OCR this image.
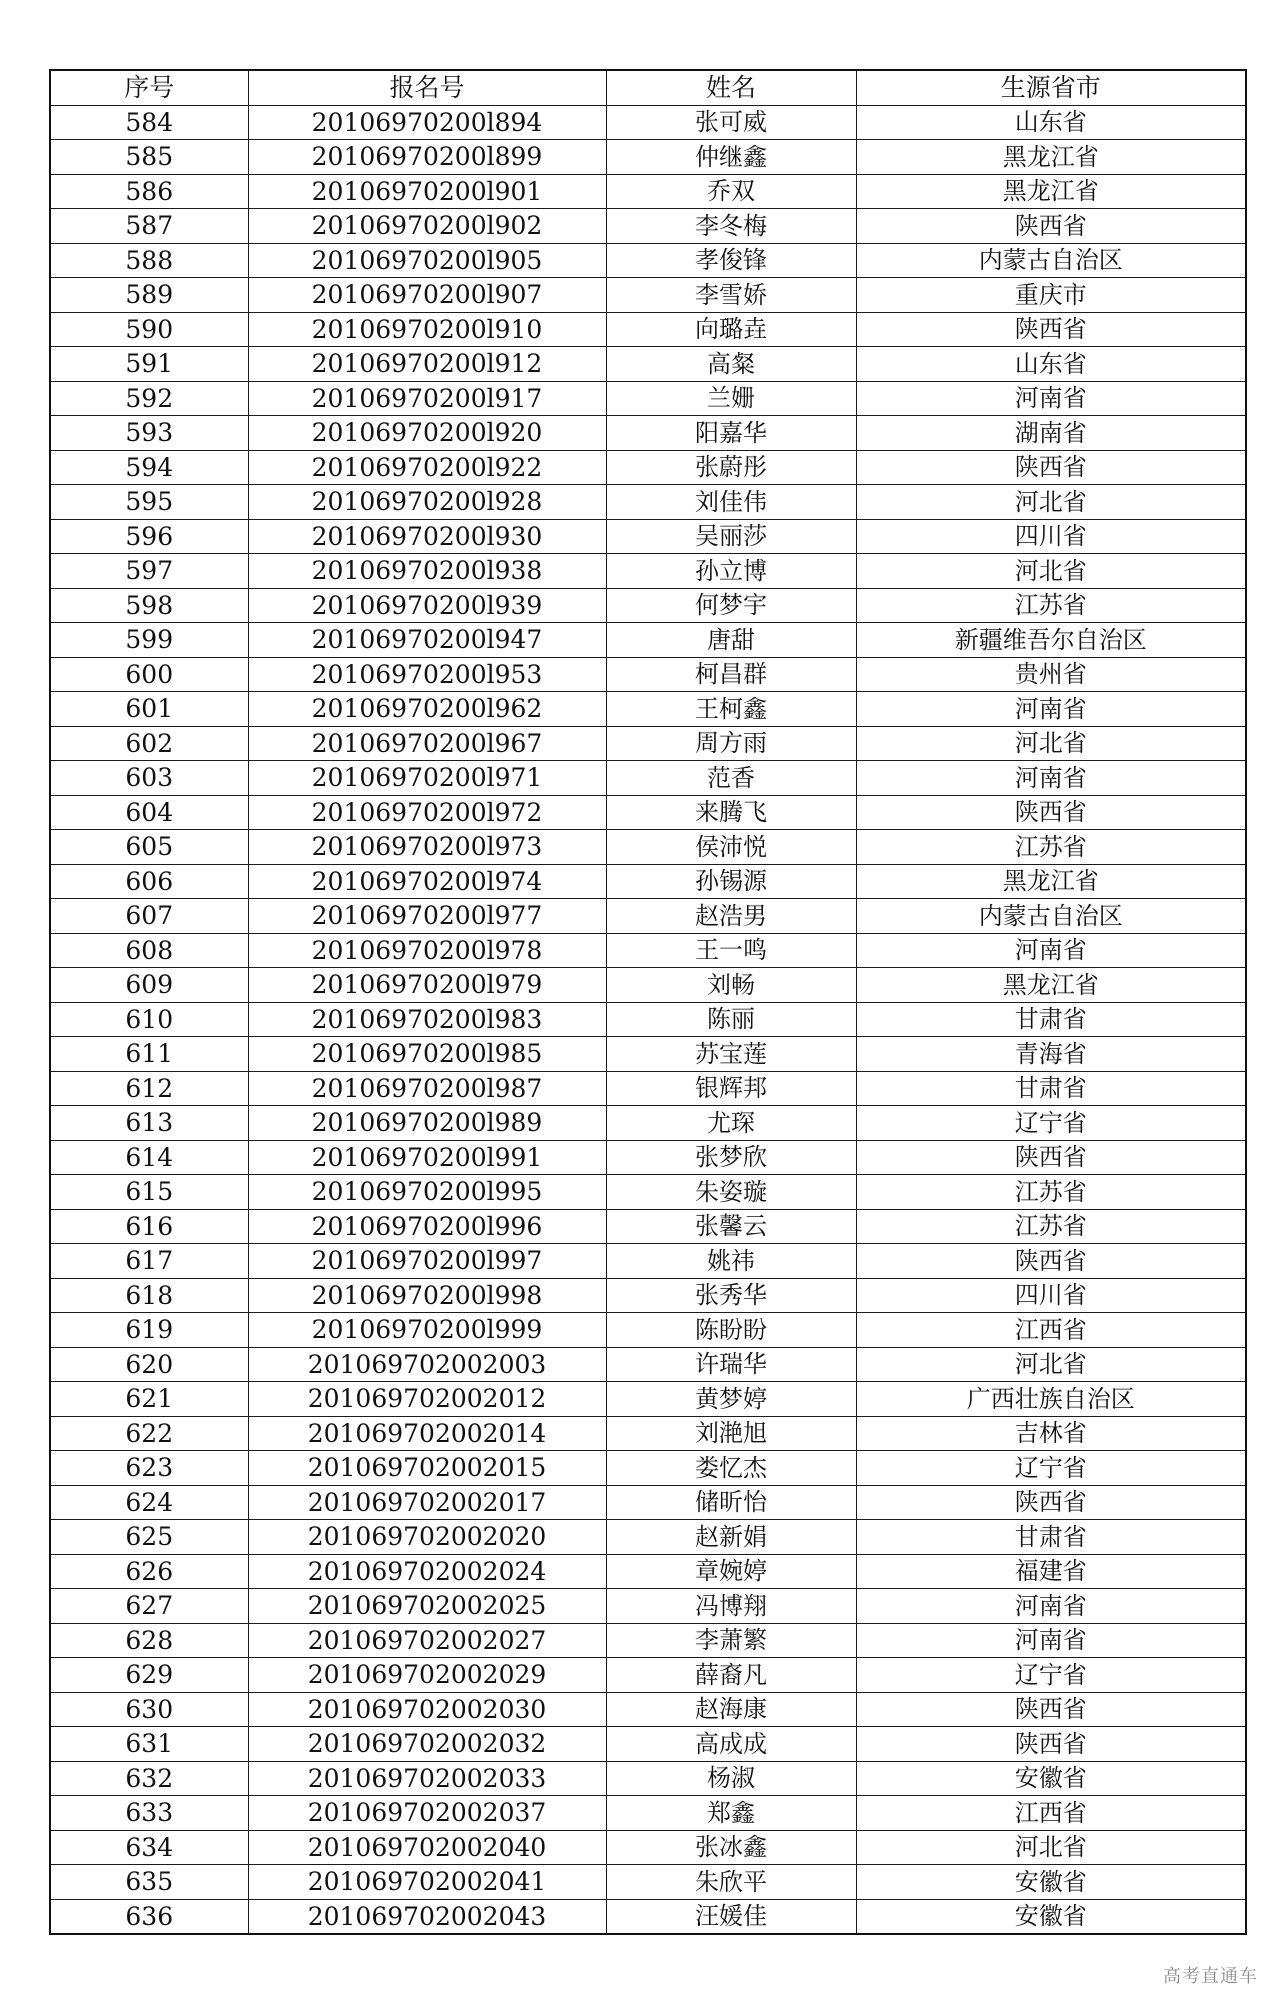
序号	报名号	姓名	生源省市
584	20106970200l894	张可威	山东省
585	20106970200l899	仲继鑫	黑龙江省
586	20106970200l901	乔双	黑龙江省
587	20106970200l902	李冬梅	陕西省
588	20106970200l905	孝俊锋	内蒙古自治区
589	20106970200l907	李雪娇	重庆市
590	20106970200l910	向璐垚	陕西省
591	20106970200l912	高粲	山东省
592	20106970200l917	兰姗	河南省
593	20106970200l920	阳嘉华	湖南省
594	20106970200l922	张蔚彤	陕西省
595	20106970200l928	刘佳伟	河北省
596	20106970200l930	吴丽莎	四川省
597	20106970200l938	孙立博	河北省
598	20106970200l939	何梦宇	江苏省
599	20106970200l947	唐甜	新疆维吾尔自治区
600	20106970200l953	柯昌群	贵州省
601	20106970200l962	王柯鑫	河南省
602	20106970200l967	周方雨	河北省
603	20106970200l971	范香	河南省
604	20106970200l972	来腾飞	陕西省
605	20106970200l973	侯沛悦	江苏省
606	20106970200l974	孙锡源	黑龙江省
607	20106970200l977	赵浩男	内蒙古自治区
608	20106970200l978	王一鸣	河南省
609	20106970200l979	刘畅	黑龙江省
610	20106970200l983	陈丽	甘肃省
611	20106970200l985	苏宝莲	青海省
612	20106970200l987	银辉邦	甘肃省
613	20106970200l989	尤琛	辽宁省
614	20106970200l991	张梦欣	陕西省
615	20106970200l995	朱姿璇	江苏省
616	20106970200l996	张馨云	江苏省
617	20106970200l997	姚祎	陕西省
618	20106970200l998	张秀华	四川省
619	20106970200l999	陈盼盼	江西省
620	201069702002003	许瑞华	河北省
621	201069702002012	黄梦婷	广西壮族自治区
622	201069702002014	刘滟旭	吉林省
623	201069702002015	娄忆杰	辽宁省
624	201069702002017	储昕怡	陕西省
625	201069702002020	赵新娟	甘肃省
626	201069702002024	章婉婷	福建省
627	201069702002025	冯博翔	河南省
628	201069702002027	李萧繁	河南省
629	201069702002029	薛裔凡	辽宁省
630	201069702002030	赵海康	陕西省
631	201069702002032	高成成	陕西省
632	201069702002033	杨淑	安徽省
633	201069702002037	郑鑫	江西省
634	201069702002040	张冰鑫	河北省
635	201069702002041	朱欣平	安徽省
636	201069702002043	汪媛佳	安徽省
高考直通车
